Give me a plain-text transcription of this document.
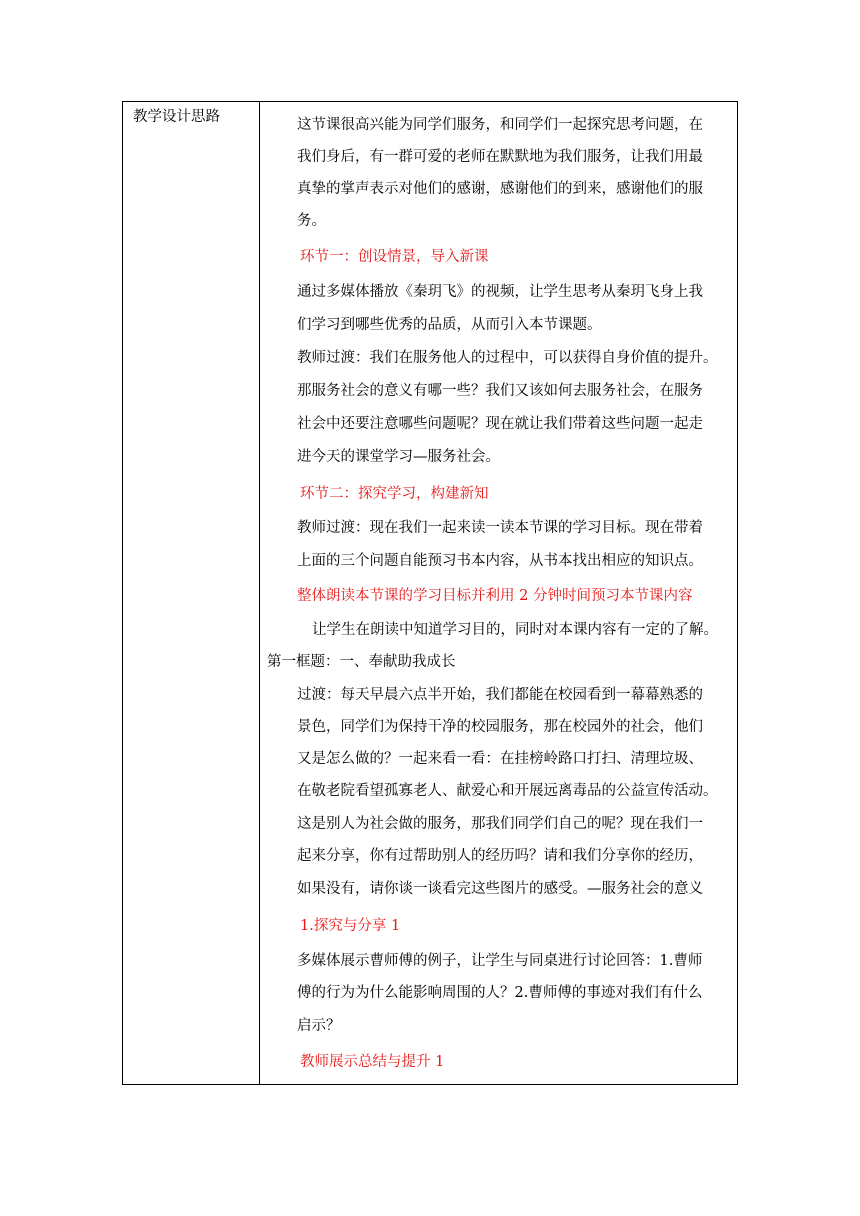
教学设计思路	这节课很高兴能为同学们服务，和同学们一起探究思考问题，在
我们身后，有一群可爱的老师在默默地为我们服务，让我们用最
真挚的掌声表示对他们的感谢，感谢他们的到来，感谢他们的服
务。
环节一：创设情景，导入新课
通过多媒体播放《秦玥飞》的视频，让学生思考从秦玥飞身上我
们学习到哪些优秀的品质，从而引入本节课题。
教师过渡：我们在服务他人的过程中，可以获得自身价值的提升。
那服务社会的意义有哪一些？我们又该如何去服务社会，在服务
社会中还要注意哪些问题呢？现在就让我们带着这些问题一起走
进今天的课堂学习—服务社会。
环节二：探究学习，构建新知
教师过渡：现在我们一起来读一读本节课的学习目标。现在带着
上面的三个问题自能预习书本内容，从书本找出相应的知识点。
整体朗读本节课的学习目标并利用 2 分钟时间预习本节课内容
让学生在朗读中知道学习目的，同时对本课内容有一定的了解。
第一框题：一、奉献助我成长
过渡：每天早晨六点半开始，我们都能在校园看到一幕幕熟悉的
景色，同学们为保持干净的校园服务，那在校园外的社会，他们
又是怎么做的？一起来看一看：在挂榜岭路口打扫、清理垃圾、
在敬老院看望孤寡老人、献爱心和开展远离毒品的公益宣传活动。
这是别人为社会做的服务，那我们同学们自己的呢？现在我们一
起来分享，你有过帮助别人的经历吗？请和我们分享你的经历，
如果没有，请你谈一谈看完这些图片的感受。—服务社会的意义
1.探究与分享 1
多媒体展示曹师傅的例子，让学生与同桌进行讨论回答：1.曹师
傅的行为为什么能影响周围的人？2.曹师傅的事迹对我们有什么
启示？
教师展示总结与提升 1
